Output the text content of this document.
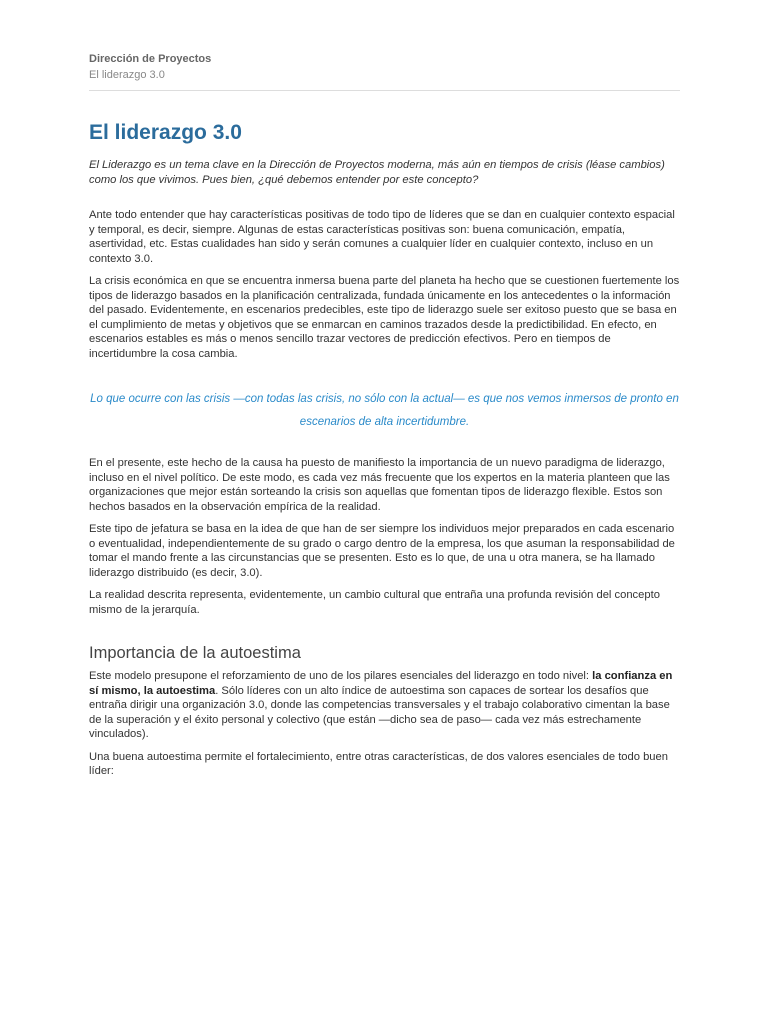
Dirección de Proyectos
El liderazgo 3.0
El liderazgo 3.0

El Liderazgo es un tema clave en la Dirección de Proyectos moderna, más aún en tiempos de crisis (léase cambios) como los que vivimos. Pues bien, ¿qué debemos entender por este concepto?

Ante todo entender que hay características positivas de todo tipo de líderes que se dan en cualquier contexto espacial y temporal, es decir, siempre. Algunas de estas características positivas son: buena comunicación, empatía, asertividad, etc. Estas cualidades han sido y serán comunes a cualquier líder en cualquier contexto, incluso en un contexto 3.0.

La crisis económica en que se encuentra inmersa buena parte del planeta ha hecho que se cuestionen fuertemente los tipos de liderazgo basados en la planificación centralizada, fundada únicamente en los antecedentes o la información del pasado. Evidentemente, en escenarios predecibles, este tipo de liderazgo suele ser exitoso puesto que se basa en el cumplimiento de metas y objetivos que se enmarcan en caminos trazados desde la predictibilidad. En efecto, en escenarios estables es más o menos sencillo trazar vectores de predicción efectivos. Pero en tiempos de incertidumbre la cosa cambia.

Lo que ocurre con las crisis —con todas las crisis, no sólo con la actual— es que nos vemos inmersos de pronto en escenarios de alta incertidumbre.

En el presente, este hecho de la causa ha puesto de manifiesto la importancia de un nuevo paradigma de liderazgo, incluso en el nivel político. De este modo, es cada vez más frecuente que los expertos en la materia planteen que las organizaciones que mejor están sorteando la crisis son aquellas que fomentan tipos de liderazgo flexible. Estos son hechos basados en la observación empírica de la realidad.

Este tipo de jefatura se basa en la idea de que han de ser siempre los individuos mejor preparados en cada escenario o eventualidad, independientemente de su grado o cargo dentro de la empresa, los que asuman la responsabilidad de tomar el mando frente a las circunstancias que se presenten. Esto es lo que, de una u otra manera, se ha llamado liderazgo distribuido (es decir, 3.0).

La realidad descrita representa, evidentemente, un cambio cultural que entraña una profunda revisión del concepto mismo de la jerarquía.

Importancia de la autoestima

Este modelo presupone el reforzamiento de uno de los pilares esenciales del liderazgo en todo nivel: la confianza en sí mismo, la autoestima. Sólo líderes con un alto índice de autoestima son capaces de sortear los desafíos que entraña dirigir una organización 3.0, donde las competencias transversales y el trabajo colaborativo cimentan la base de la superación y el éxito personal y colectivo (que están —dicho sea de paso— cada vez más estrechamente vinculados).

Una buena autoestima permite el fortalecimiento, entre otras características, de dos valores esenciales de todo buen líder:
